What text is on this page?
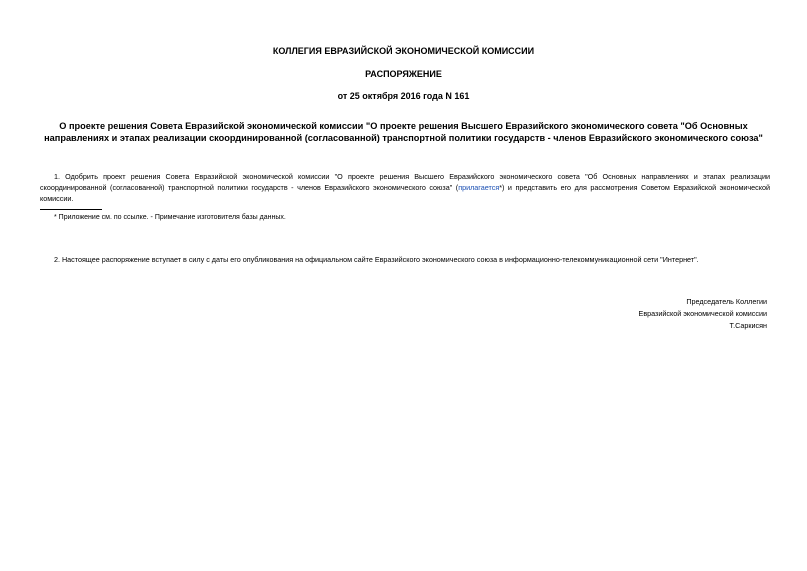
КОЛЛЕГИЯ ЕВРАЗИЙСКОЙ ЭКОНОМИЧЕСКОЙ КОМИССИИ
РАСПОРЯЖЕНИЕ
от 25 октября 2016 года N 161
О проекте решения Совета Евразийской экономической комиссии "О проекте решения Высшего Евразийского экономического совета "Об Основных
направлениях и этапах реализации скоординированной (согласованной) транспортной политики государств - членов Евразийского экономического союза"
1. Одобрить проект решения Совета Евразийской экономической комиссии "О проекте решения Высшего Евразийского экономического совета "Об Основных направлениях и этапах реализации скоординированной (согласованной) транспортной политики государств - членов Евразийского экономического союза" (прилагается*) и представить его для рассмотрения Советом Евразийской экономической комиссии.
* Приложение см. по ссылке. - Примечание изготовителя базы данных.
2. Настоящее распоряжение вступает в силу с даты его опубликования на официальном сайте Евразийского экономического союза в информационно-телекоммуникационной сети "Интернет".
Председатель Коллегии
Евразийской экономической комиссии
Т.Саркисян
